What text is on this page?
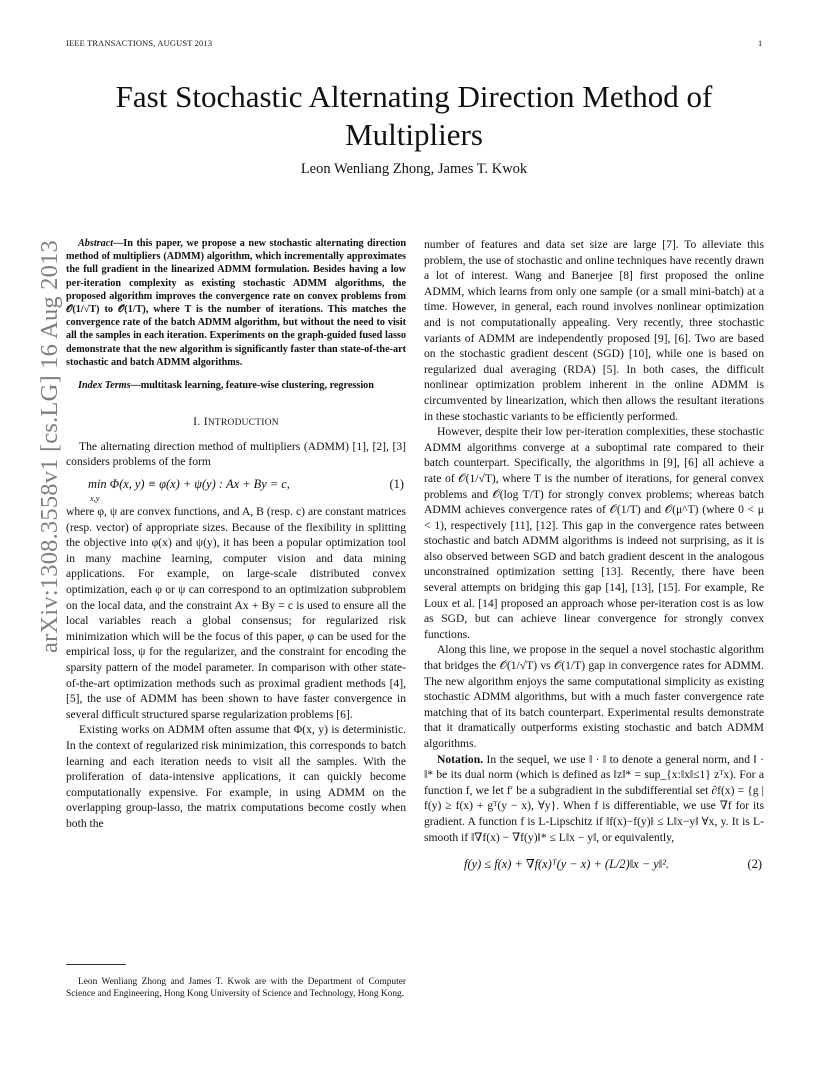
IEEE TRANSACTIONS, AUGUST 2013	1
Fast Stochastic Alternating Direction Method of Multipliers
Leon Wenliang Zhong, James T. Kwok
arXiv:1308.3558v1 [cs.LG] 16 Aug 2013	Abstract—In this paper, we propose a new stochastic alternating direction method of multipliers (ADMM) algorithm, which incrementally approximates the full gradient in the linearized ADMM formulation. Besides having a low per-iteration complexity as existing stochastic ADMM algorithms, the proposed algorithm improves the convergence rate on convex problems from 𝒪(1/√T) to 𝒪(1/T), where T is the number of iterations. This matches the convergence rate of the batch ADMM algorithm, but without the need to visit all the samples in each iteration. Experiments on the graph-guided fused lasso demonstrate that the new algorithm is significantly faster than state-of-the-art stochastic and batch ADMM algorithms.
Index Terms—multitask learning, feature-wise clustering, regression
I. INTRODUCTION

The alternating direction method of multipliers (ADMM) [1], [2], [3] considers problems of the form

min Φ(x, y) ≡ φ(x) + ψ(y) : Ax + By = c,
x,y
(1)

where φ, ψ are convex functions, and A, B (resp. c) are constant matrices (resp. vector) of appropriate sizes. Because of the flexibility in splitting the objective into φ(x) and ψ(y), it has been a popular optimization tool in many machine learning, computer vision and data mining applications. For example, on large-scale distributed convex optimization, each φ or ψ can correspond to an optimization subproblem on the local data, and the constraint Ax + By = c is used to ensure all the local variables reach a global consensus; for regularized risk minimization which will be the focus of this paper, φ can be used for the empirical loss, ψ for the regularizer, and the constraint for encoding the sparsity pattern of the model parameter. In comparison with other state-of-the-art optimization methods such as proximal gradient methods [4], [5], the use of ADMM has been shown to have faster convergence in several difficult structured sparse regularization problems [6].

Existing works on ADMM often assume that Φ(x, y) is deterministic. In the context of regularized risk minimization, this corresponds to batch learning and each iteration needs to visit all the samples. With the proliferation of data-intensive applications, it can quickly become computationally expensive. For example, in using ADMM on the overlapping group-lasso, the matrix computations become costly when both the

Leon Wenliang Zhong and James T. Kwok are with the Department of Computer Science and Engineering, Hong Kong University of Science and Technology, Hong Kong.

number of features and data set size are large [7]. To alleviate this problem, the use of stochastic and online techniques have recently drawn a lot of interest. Wang and Banerjee [8] first proposed the online ADMM, which learns from only one sample (or a small mini-batch) at a time. However, in general, each round involves nonlinear optimization and is not computationally appealing. Very recently, three stochastic variants of ADMM are independently proposed [9], [6]. Two are based on the stochastic gradient descent (SGD) [10], while one is based on regularized dual averaging (RDA) [5]. In both cases, the difficult nonlinear optimization problem inherent in the online ADMM is circumvented by linearization, which then allows the resultant iterations in these stochastic variants to be efficiently performed.

However, despite their low per-iteration complexities, these stochastic ADMM algorithms converge at a suboptimal rate compared to their batch counterpart. Specifically, the algorithms in [9], [6] all achieve a rate of 𝒪(1/√T), where T is the number of iterations, for general convex problems and 𝒪(log T/T) for strongly convex problems; whereas batch ADMM achieves convergence rates of 𝒪(1/T) and 𝒪(μ^T) (where 0 < μ < 1), respectively [11], [12]. This gap in the convergence rates between stochastic and batch ADMM algorithms is indeed not surprising, as it is also observed between SGD and batch gradient descent in the analogous unconstrained optimization setting [13]. Recently, there have been several attempts on bridging this gap [14], [13], [15]. For example, Re Loux et al. [14] proposed an approach whose per-iteration cost is as low as SGD, but can achieve linear convergence for strongly convex functions.

Along this line, we propose in the sequel a novel stochastic algorithm that bridges the 𝒪(1/√T) vs 𝒪(1/T) gap in convergence rates for ADMM. The new algorithm enjoys the same computational simplicity as existing stochastic ADMM algorithms, but with a much faster convergence rate matching that of its batch counterpart. Experimental results demonstrate that it dramatically outperforms existing stochastic and batch ADMM algorithms.

Notation. In the sequel, we use ‖ · ‖ to denote a general norm, and ‖ · ‖* be its dual norm (which is defined as ‖z‖* = sup_{x:‖x‖≤1} zᵀx). For a function f, we let f′ be a subgradient in the subdifferential set ∂f(x) = {g | f(y) ≥ f(x) + gᵀ(y − x), ∀y}. When f is differentiable, we use ∇f for its gradient. A function f is L-Lipschitz if ‖f(x)−f(y)‖ ≤ L‖x−y‖ ∀x, y. It is L-smooth if ‖∇f(x) − ∇f(y)‖* ≤ L‖x − y‖, or equivalently,

f(y) ≤ f(x) + ∇f(x)ᵀ(y − x) + (L/2)‖x − y‖².	(2)
